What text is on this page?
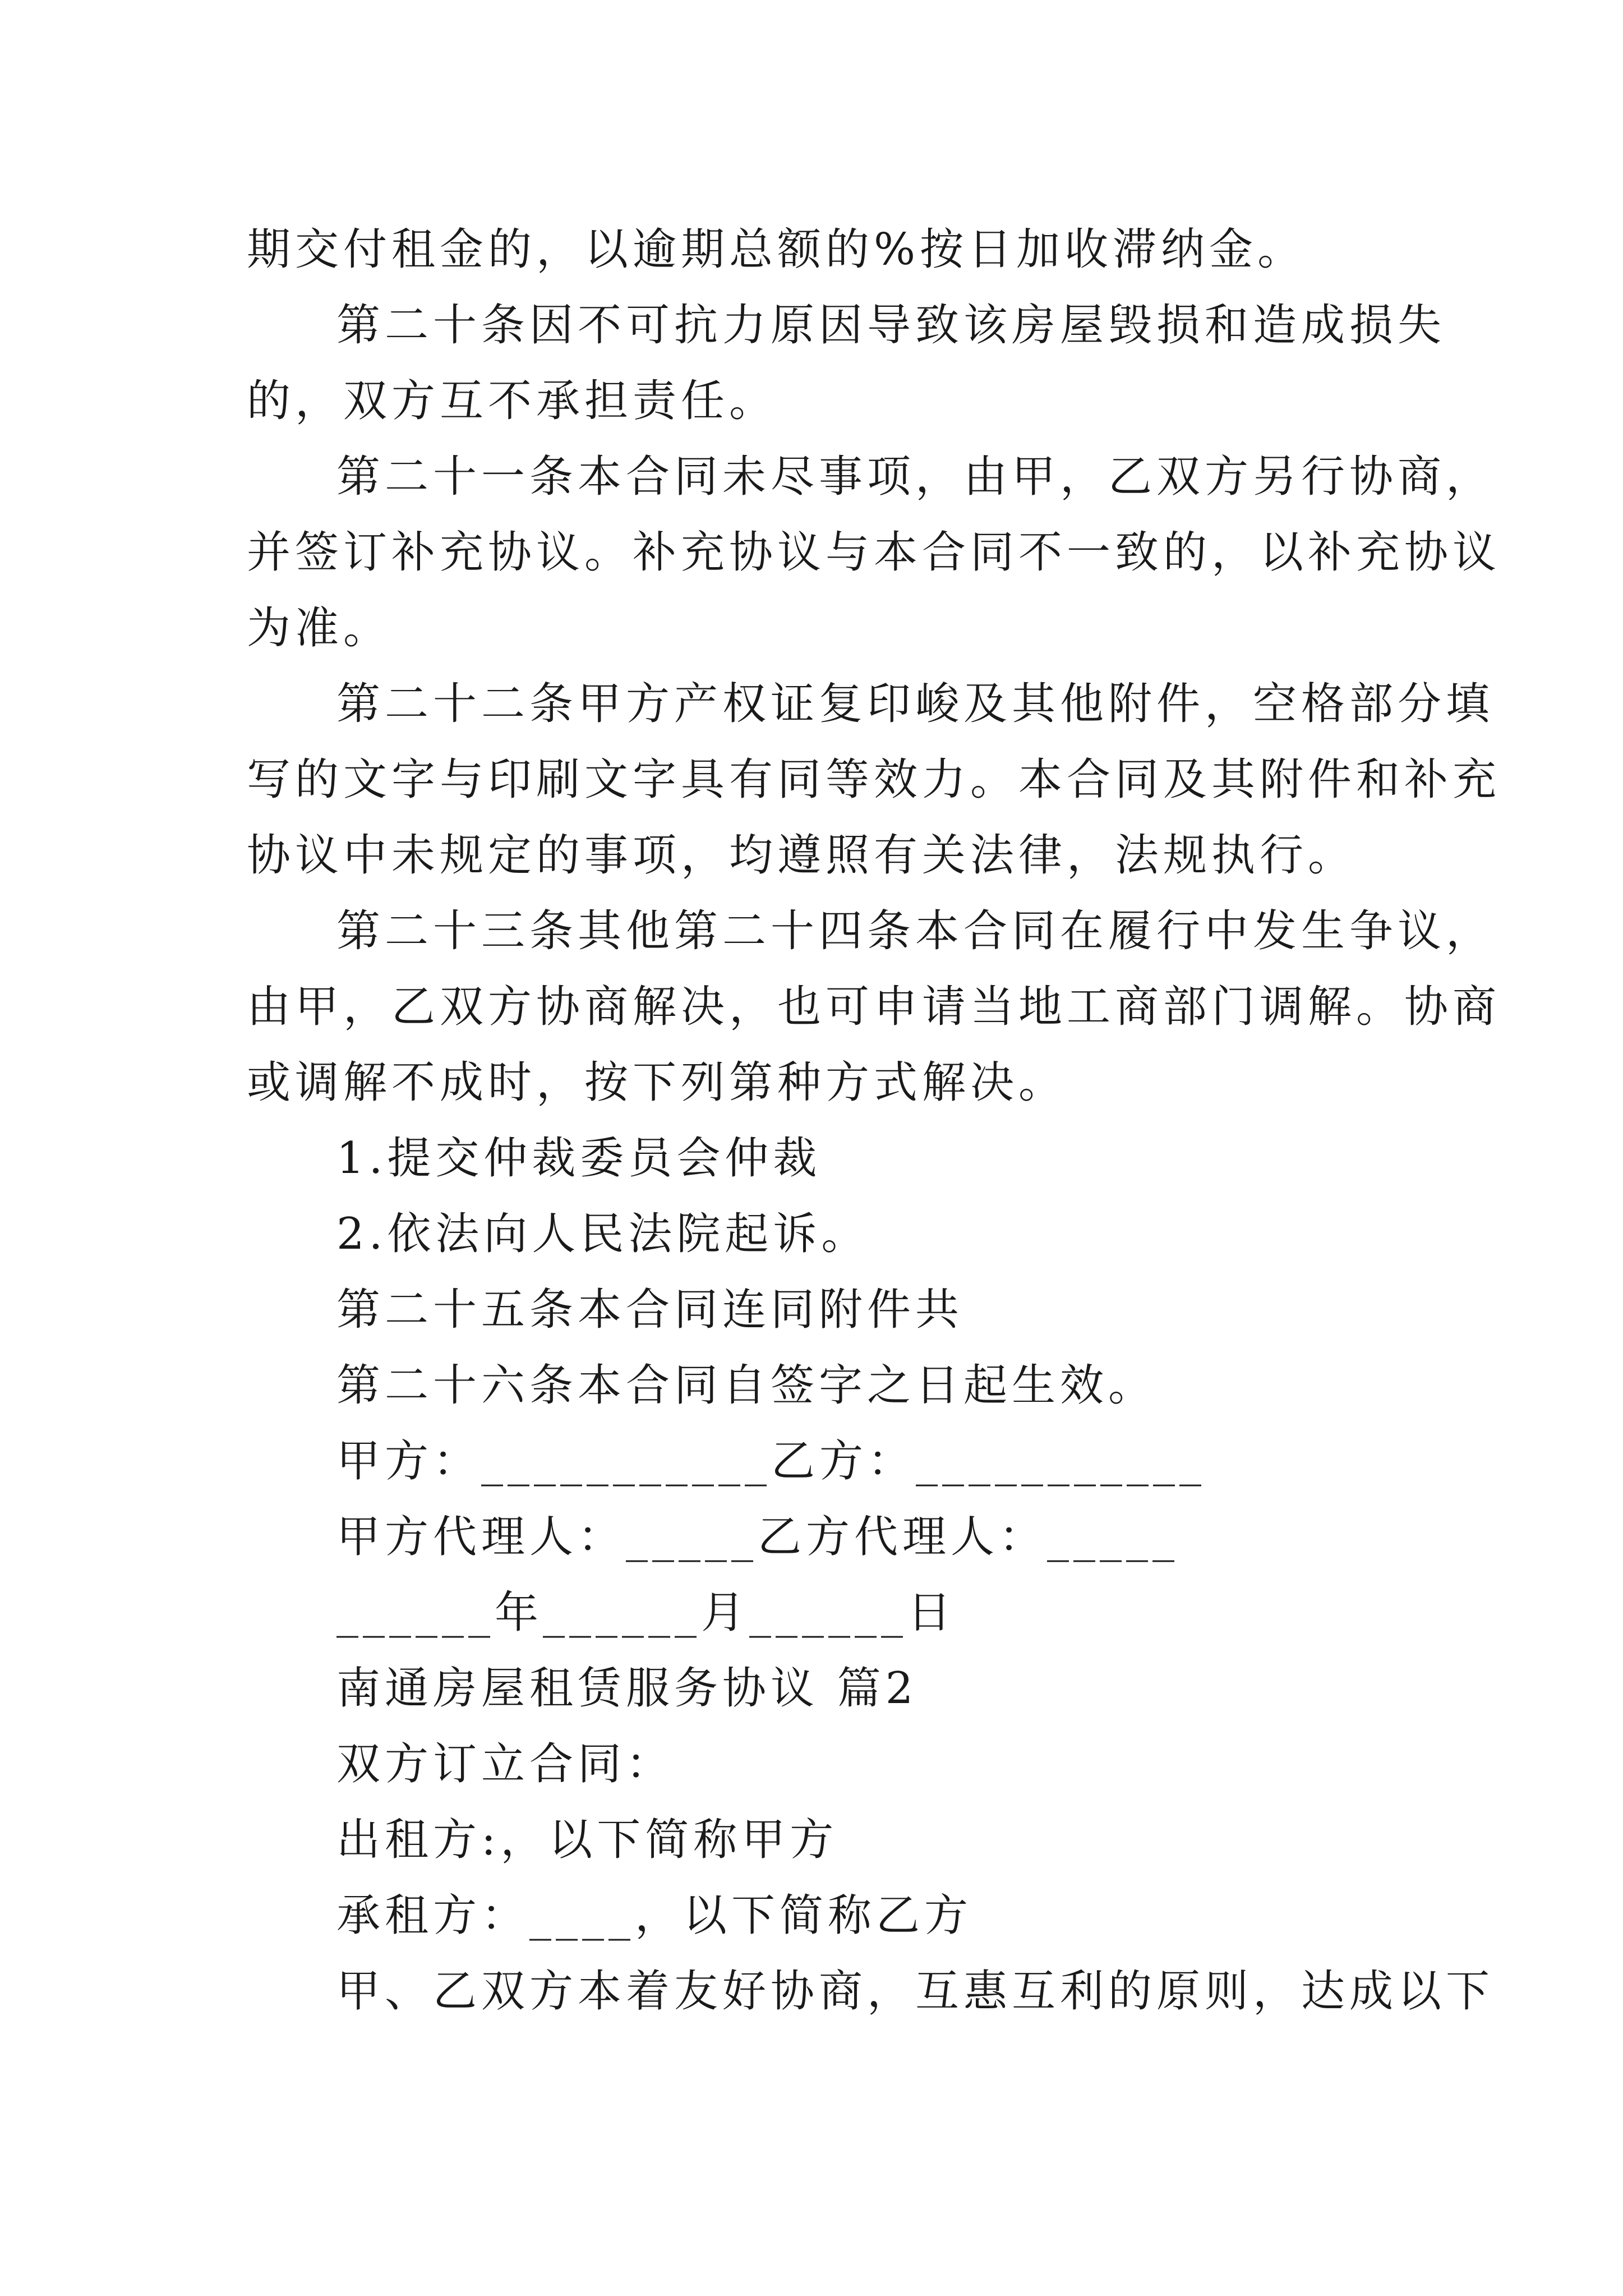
期交付租金的，以逾期总额的%按日加收滞纳金。
第二十条因不可抗力原因导致该房屋毁损和造成损失
的，双方互不承担责任。
第二十一条本合同未尽事项，由甲，乙双方另行协商，
并签订补充协议。补充协议与本合同不一致的，以补充协议
为准。
第二十二条甲方产权证复印峻及其他附件，空格部分填
写的文字与印刷文字具有同等效力。本合同及其附件和补充
协议中未规定的事项，均遵照有关法律，法规执行。
第二十三条其他第二十四条本合同在履行中发生争议，
由甲，乙双方协商解决，也可申请当地工商部门调解。协商
或调解不成时，按下列第种方式解决。
1.提交仲裁委员会仲裁
2.依法向人民法院起诉。
第二十五条本合同连同附件共
第二十六条本合同自签字之日起生效。
甲方：___________乙方：___________
甲方代理人：_____乙方代理人：_____
______年______月______日
南通房屋租赁服务协议 篇2
双方订立合同：
出租方:，以下简称甲方
承租方：____，以下简称乙方
甲、乙双方本着友好协商，互惠互利的原则，达成以下
